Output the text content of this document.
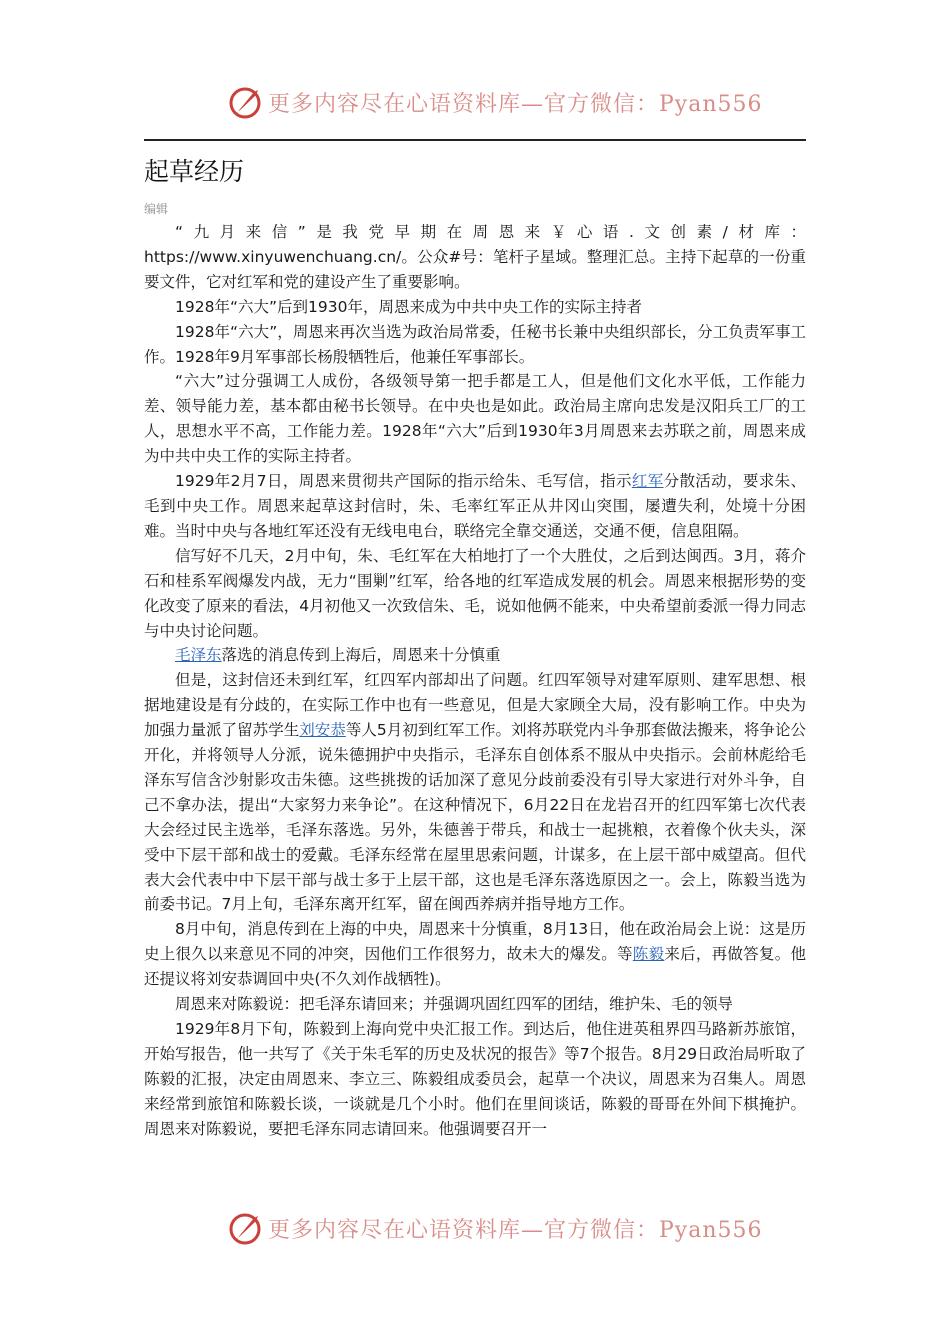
更多内容尽在心语资料库—官方微信：Pyan556
起草经历
编辑

“九月来信”是我党早期在周恩来￥心语.文创素/材库：https://www.xinyuwenchuang.cn/。公众#号：笔杆子星域。整理汇总。主持下起草的一份重要文件，它对红军和党的建设产生了重要影响。

1928年“六大”后到1930年，周恩来成为中共中央工作的实际主持者

1928年“六大”，周恩来再次当选为政治局常委，任秘书长兼中央组织部长，分工负责军事工作。1928年9月军事部长杨殷牺牲后，他兼任军事部长。

“六大”过分强调工人成份，各级领导第一把手都是工人，但是他们文化水平低，工作能力差、领导能力差，基本都由秘书长领导。在中央也是如此。政治局主席向忠发是汉阳兵工厂的工人，思想水平不高，工作能力差。1928年“六大”后到1930年3月周恩来去苏联之前，周恩来成为中共中央工作的实际主持者。

1929年2月7日，周恩来贯彻共产国际的指示给朱、毛写信，指示红军分散活动，要求朱、毛到中央工作。周恩来起草这封信时，朱、毛率红军正从井冈山突围，屡遭失利，处境十分困难。当时中央与各地红军还没有无线电电台，联络完全靠交通送，交通不便，信息阻隔。

信写好不几天，2月中旬，朱、毛红军在大柏地打了一个大胜仗，之后到达闽西。3月，蒋介石和桂系军阀爆发内战，无力“围剿”红军，给各地的红军造成发展的机会。周恩来根据形势的变化改变了原来的看法，4月初他又一次致信朱、毛，说如他俩不能来，中央希望前委派一得力同志与中央讨论问题。

毛泽东落选的消息传到上海后，周恩来十分慎重

但是，这封信还未到红军，红四军内部却出了问题。红四军领导对建军原则、建军思想、根据地建设是有分歧的，在实际工作中也有一些意见，但是大家顾全大局，没有影响工作。中央为加强力量派了留苏学生刘安恭等人5月初到红军工作。刘将苏联党内斗争那套做法搬来，将争论公开化，并将领导人分派，说朱德拥护中央指示，毛泽东自创体系不服从中央指示。会前林彪给毛泽东写信含沙射影攻击朱德。这些挑拨的话加深了意见分歧前委没有引导大家进行对外斗争，自己不拿办法，提出“大家努力来争论”。在这种情况下，6月22日在龙岩召开的红四军第七次代表大会经过民主选举，毛泽东落选。另外，朱德善于带兵，和战士一起挑粮，衣着像个伙夫头，深受中下层干部和战士的爱戴。毛泽东经常在屋里思索问题，计谋多，在上层干部中威望高。但代表大会代表中中下层干部与战士多于上层干部，这也是毛泽东落选原因之一。会上，陈毅当选为前委书记。7月上旬，毛泽东离开红军，留在闽西养病并指导地方工作。

8月中旬，消息传到在上海的中央，周恩来十分慎重，8月13日，他在政治局会上说：这是历史上很久以来意见不同的冲突，因他们工作很努力，故未大的爆发。等陈毅来后，再做答复。他还提议将刘安恭调回中央(不久刘作战牺牲)。

周恩来对陈毅说：把毛泽东请回来；并强调巩固红四军的团结，维护朱、毛的领导

1929年8月下旬，陈毅到上海向党中央汇报工作。到达后，他住进英租界四马路新苏旅馆，开始写报告，他一共写了《关于朱毛军的历史及状况的报告》等7个报告。8月29日政治局听取了陈毅的汇报，决定由周恩来、李立三、陈毅组成委员会，起草一个决议，周恩来为召集人。周恩来经常到旅馆和陈毅长谈，一谈就是几个小时。他们在里间谈话，陈毅的哥哥在外间下棋掩护。周恩来对陈毅说，要把毛泽东同志请回来。他强调要召开一

更多内容尽在心语资料库—官方微信：Pyan556
